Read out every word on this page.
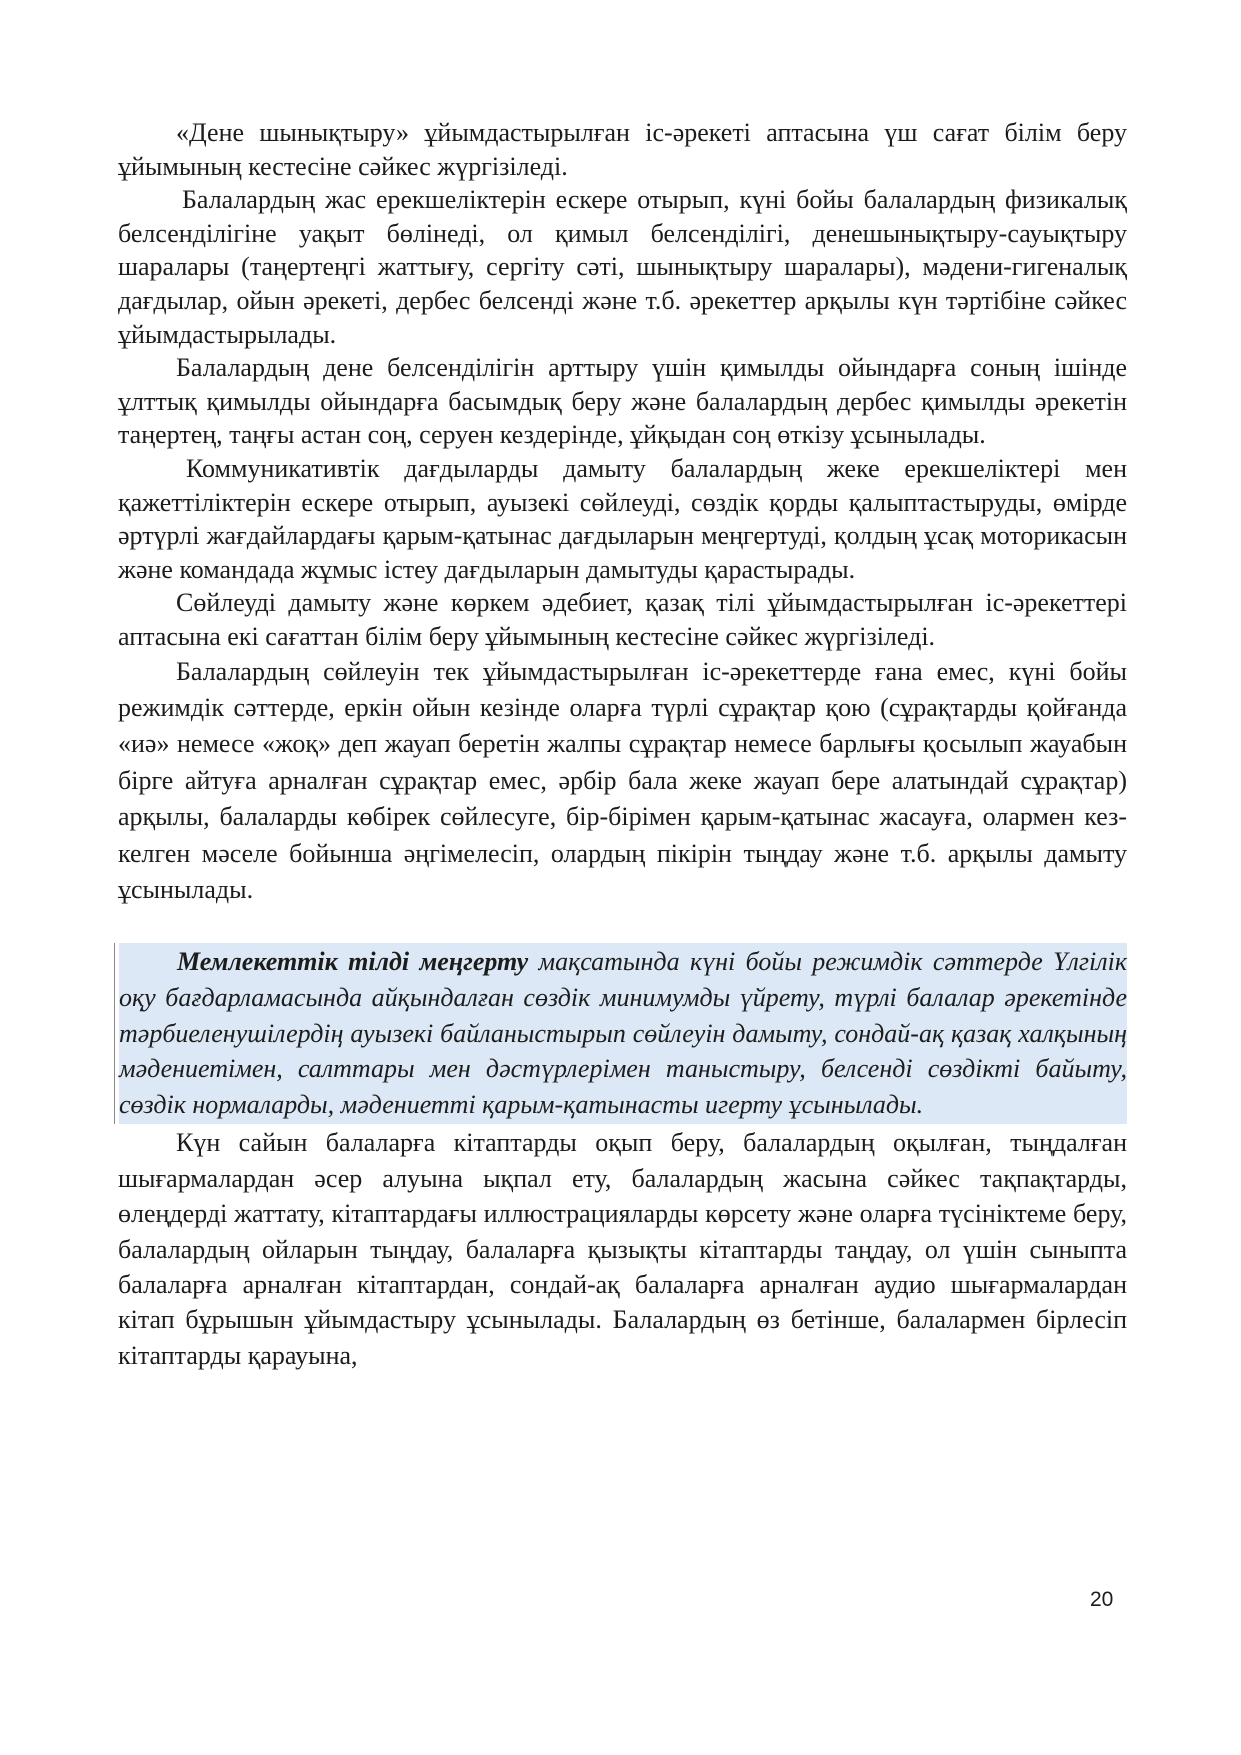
«Дене шынықтыру» ұйымдастырылған іс-әрекеті аптасына үш сағат білім беру ұйымының кестесіне сәйкес жүргізіледі.

Балалардың жас ерекшеліктерін ескере отырып, күні бойы балалардың физикалық белсенділігіне уақыт бөлінеді, ол қимыл белсенділігі, денешынықтыру-сауықтыру шаралары (таңертеңгі жаттығу, сергіту сәті, шынықтыру шаралары), мәдени-гигеналық дағдылар, ойын әрекеті, дербес белсенді және т.б. әрекеттер арқылы күн тәртібіне сәйкес ұйымдастырылады.

Балалардың дене белсенділігін арттыру үшін қимылды ойындарға соның ішінде ұлттық қимылды ойындарға басымдық беру және балалардың дербес қимылды әрекетін таңертең, таңғы астан соң, серуен кездерінде, ұйқыдан соң өткізу ұсынылады.

Коммуникативтік дағдыларды дамыту балалардың жеке ерекшеліктері мен қажеттіліктерін ескере отырып, ауызекі сөйлеуді, сөздік қорды қалыптастыруды, өмірде әртүрлі жағдайлардағы қарым-қатынас дағдыларын меңгертуді, қолдың ұсақ моторикасын және командада жұмыс істеу дағдыларын дамытуды қарастырады.

Сөйлеуді дамыту және көркем әдебиет, қазақ тілі ұйымдастырылған іс-әрекеттері аптасына екі сағаттан білім беру ұйымының кестесіне сәйкес жүргізіледі.

Балалардың сөйлеуін тек ұйымдастырылған іс-әрекеттерде ғана емес, күні бойы режимдік сәттерде, еркін ойын кезінде оларға түрлі сұрақтар қою (сұрақтарды қойғанда «иә» немесе «жоқ» деп жауап беретін жалпы сұрақтар немесе барлығы қосылып жауабын бірге айтуға арналған сұрақтар емес, әрбір бала жеке жауап бере алатындай сұрақтар) арқылы, балаларды көбірек сөйлесуге, бір-бірімен қарым-қатынас жасауға, олармен кез-келген мәселе бойынша әңгімелесіп, олардың пікірін тыңдау және т.б. арқылы дамыту ұсынылады.

Мемлекеттік тілді меңгерту мақсатында күні бойы режимдік сәттерде Үлгілік оқу бағдарламасында айқындалған сөздік минимумды үйрету, түрлі балалар әрекетінде тәрбиеленушілердің ауызекі байланыстырып сөйлеуін дамыту, сондай-ақ қазақ халқының мәдениетімен, салттары мен дәстүрлерімен таныстыру, белсенді сөздікті байыту, сөздік нормаларды, мәдениетті қарым-қатынасты игерту ұсынылады.

Күн сайын балаларға кітаптарды оқып беру, балалардың оқылған, тыңдалған шығармалардан әсер алуына ықпал ету, балалардың жасына сәйкес тақпақтарды, өлеңдерді жаттату, кітаптардағы иллюстрацияларды көрсету және оларға түсініктеме беру, балалардың ойларын тыңдау, балаларға қызықты кітаптарды таңдау, ол үшін сыныпта балаларға арналған кітаптардан, сондай-ақ балаларға арналған аудио шығармалардан кітап бұрышын ұйымдастыру ұсынылады. Балалардың өз бетінше, балалармен бірлесіп кітаптарды қарауына,

20
